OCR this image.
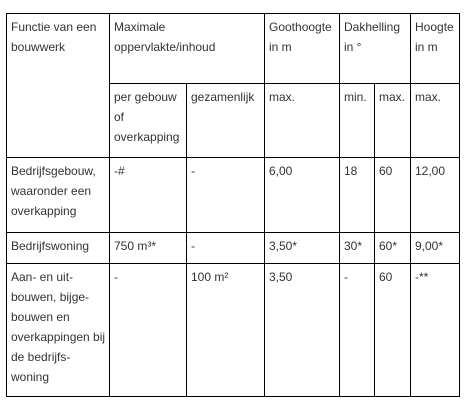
Functie van een bouwwerk	Maximale oppervlakte/inhoud		Goothoogte in m	Dakhelling in °		Hoogte in m
	per gebouw of overkapping	gezamenlijk	max.	min.	max.	max.
Bedrijfsgebouw, waaronder een overkapping	-#	-	6,00	18	60	12,00
Bedrijfswoning	750 m³*	-	3,50*	30*	60*	9,00*
Aan- en uit-bouwen, bijge-bouwen en overkappingen bij de bedrijfs-woning	-	100 m²	3,50	-	60	-**
